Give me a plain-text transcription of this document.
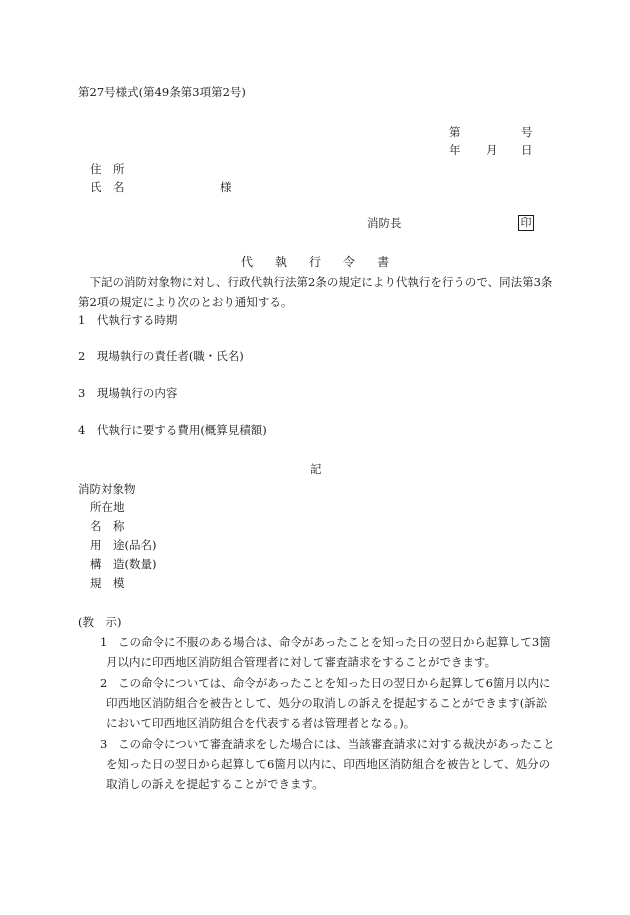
第27号様式(第49条第3項第2号)
第	号
年 月 日
住　所
氏　名	様
消防長	印
代 執 行 令 書
　下記の消防対象物に対し、行政代執行法第2条の規定により代執行を行うので、同法第3条第2項の規定により次のとおり通知する。
1　代執行する時期
2　現場執行の責任者(職・氏名)
3　現場執行の内容
4　代執行に要する費用(概算見積額)
記
消防対象物
所在地
名　称
用　途(品名)
構　造(数量)
規　模
(教　示)
1 この命令に不服のある場合は、命令があったことを知った日の翌日から起算して3箇月以内に印西地区消防組合管理者に対して審査請求をすることができます。
2 この命令については、命令があったことを知った日の翌日から起算して6箇月以内に印西地区消防組合を被告として、処分の取消しの訴えを提起することができます(訴訟において印西地区消防組合を代表する者は管理者となる。)。
3 この命令について審査請求をした場合には、当該審査請求に対する裁決があったことを知った日の翌日から起算して6箇月以内に、印西地区消防組合を被告として、処分の取消しの訴えを提起することができます。
